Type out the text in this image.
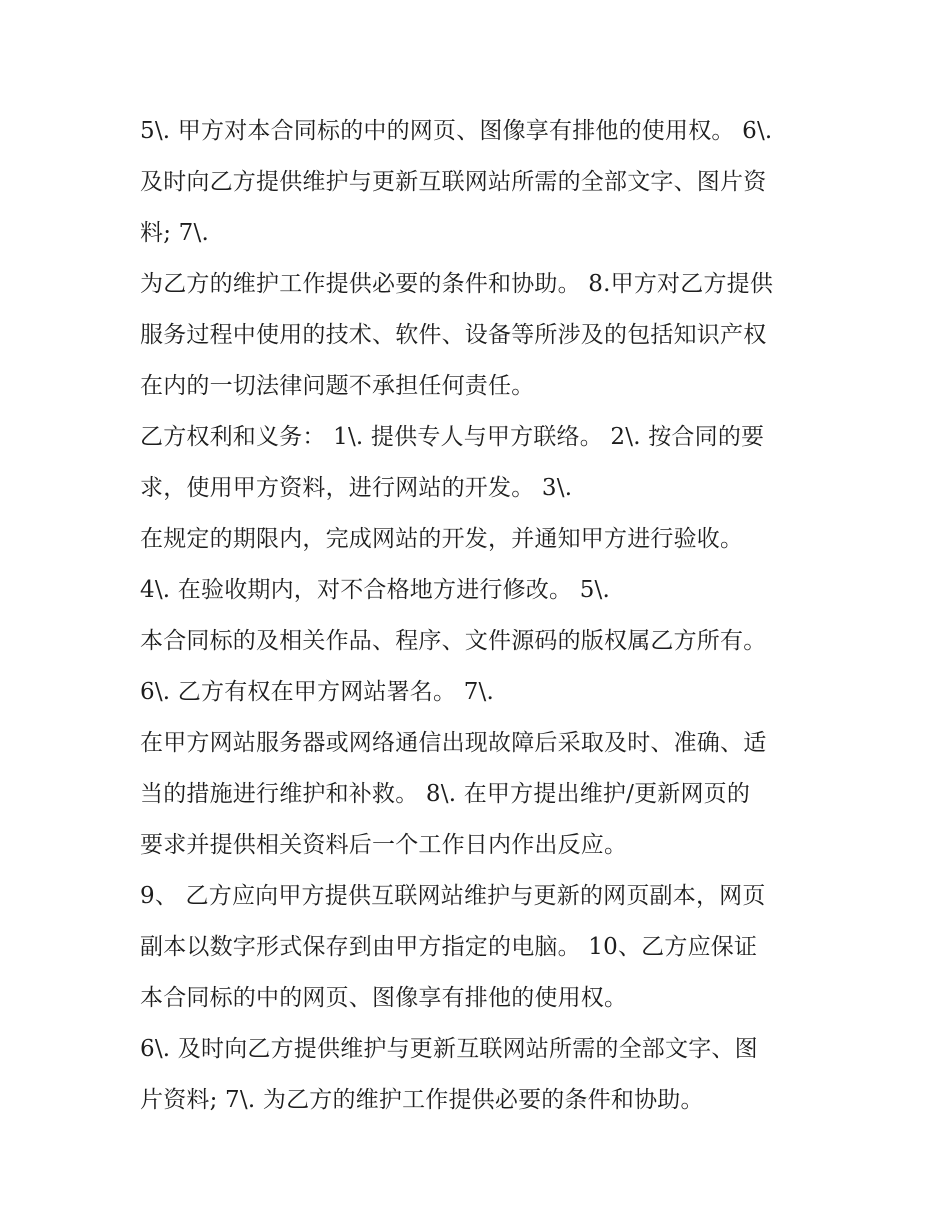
5\. 甲方对本合同标的中的网页、图像享有排他的使用权。 6\.
及时向乙方提供维护与更新互联网站所需的全部文字、图片资
料; 7\.
为乙方的维护工作提供必要的条件和协助。 8.甲方对乙方提供
服务过程中使用的技术、软件、设备等所涉及的包括知识产权
在内的一切法律问题不承担任何责任。
乙方权利和义务： 1\. 提供专人与甲方联络。 2\. 按合同的要
求，使用甲方资料，进行网站的开发。 3\.
在规定的期限内，完成网站的开发，并通知甲方进行验收。
4\. 在验收期内，对不合格地方进行修改。 5\.
本合同标的及相关作品、程序、文件源码的版权属乙方所有。
6\. 乙方有权在甲方网站署名。 7\.
在甲方网站服务器或网络通信出现故障后采取及时、准确、适
当的措施进行维护和补救。 8\. 在甲方提出维护/更新网页的
要求并提供相关资料后一个工作日内作出反应。
9、 乙方应向甲方提供互联网站维护与更新的网页副本，网页
副本以数字形式保存到由甲方指定的电脑。 10、乙方应保证
本合同标的中的网页、图像享有排他的使用权。
6\. 及时向乙方提供维护与更新互联网站所需的全部文字、图
片资料; 7\. 为乙方的维护工作提供必要的条件和协助。
